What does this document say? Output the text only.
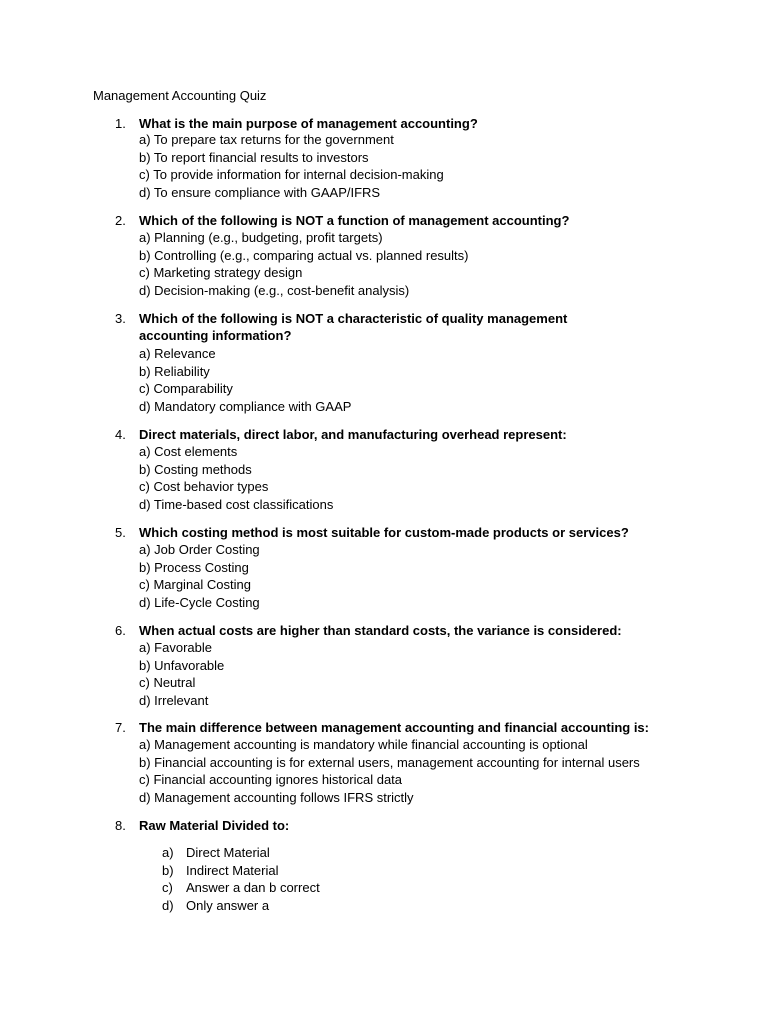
Management Accounting Quiz

1. What is the main purpose of management accounting?
a) To prepare tax returns for the government
b) To report financial results to investors
c) To provide information for internal decision-making
d) To ensure compliance with GAAP/IFRS
2. Which of the following is NOT a function of management accounting?
a) Planning (e.g., budgeting, profit targets)
b) Controlling (e.g., comparing actual vs. planned results)
c) Marketing strategy design
d) Decision-making (e.g., cost-benefit analysis)
3. Which of the following is NOT a characteristic of quality management accounting information?
a) Relevance
b) Reliability
c) Comparability
d) Mandatory compliance with GAAP
4. Direct materials, direct labor, and manufacturing overhead represent:
a) Cost elements
b) Costing methods
c) Cost behavior types
d) Time-based cost classifications
5. Which costing method is most suitable for custom-made products or services?
a) Job Order Costing
b) Process Costing
c) Marginal Costing
d) Life-Cycle Costing
6. When actual costs are higher than standard costs, the variance is considered:
a) Favorable
b) Unfavorable
c) Neutral
d) Irrelevant
7. The main difference between management accounting and financial accounting is:
a) Management accounting is mandatory while financial accounting is optional
b) Financial accounting is for external users, management accounting for internal users
c) Financial accounting ignores historical data
d) Management accounting follows IFRS strictly
8. Raw Material Divided to:
a) Direct Material
b) Indirect Material
c) Answer a dan b correct
d) Only answer a
